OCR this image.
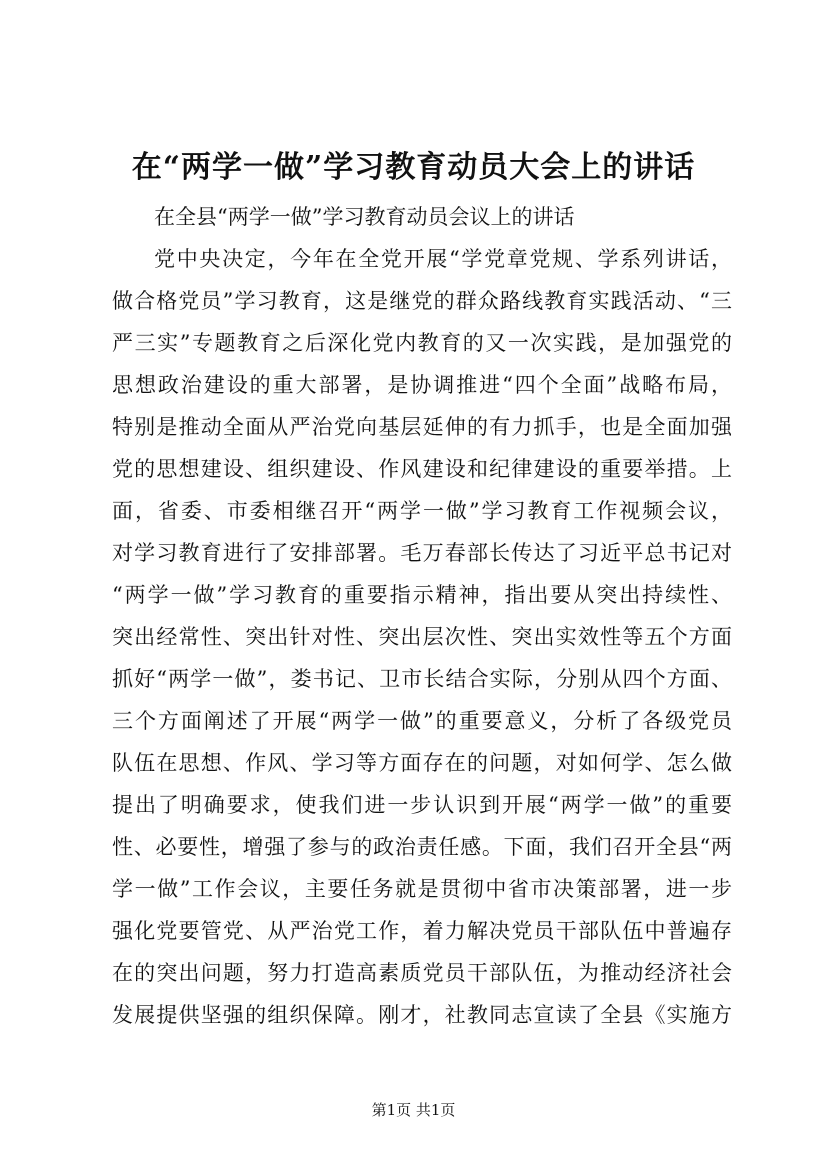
在“两学一做”学习教育动员大会上的讲话
在全县“两学一做”学习教育动员会议上的讲话
党中央决定，今年在全党开展“学党章党规、学系列讲话，
做合格党员”学习教育，这是继党的群众路线教育实践活动、“三
严三实”专题教育之后深化党内教育的又一次实践，是加强党的
思想政治建设的重大部署，是协调推进“四个全面”战略布局，
特别是推动全面从严治党向基层延伸的有力抓手，也是全面加强
党的思想建设、组织建设、作风建设和纪律建设的重要举措。上
面，省委、市委相继召开“两学一做”学习教育工作视频会议，
对学习教育进行了安排部署。毛万春部长传达了习近平总书记对
“两学一做”学习教育的重要指示精神，指出要从突出持续性、
突出经常性、突出针对性、突出层次性、突出实效性等五个方面
抓好“两学一做”，娄书记、卫市长结合实际，分别从四个方面、
三个方面阐述了开展“两学一做”的重要意义，分析了各级党员
队伍在思想、作风、学习等方面存在的问题，对如何学、怎么做
提出了明确要求，使我们进一步认识到开展“两学一做”的重要
性、必要性，增强了参与的政治责任感。下面，我们召开全县“两
学一做”工作会议，主要任务就是贯彻中省市决策部署，进一步
强化党要管党、从严治党工作，着力解决党员干部队伍中普遍存
在的突出问题，努力打造高素质党员干部队伍，为推动经济社会
发展提供坚强的组织保障。刚才，社教同志宣读了全县《实施方
第1页 共1页
